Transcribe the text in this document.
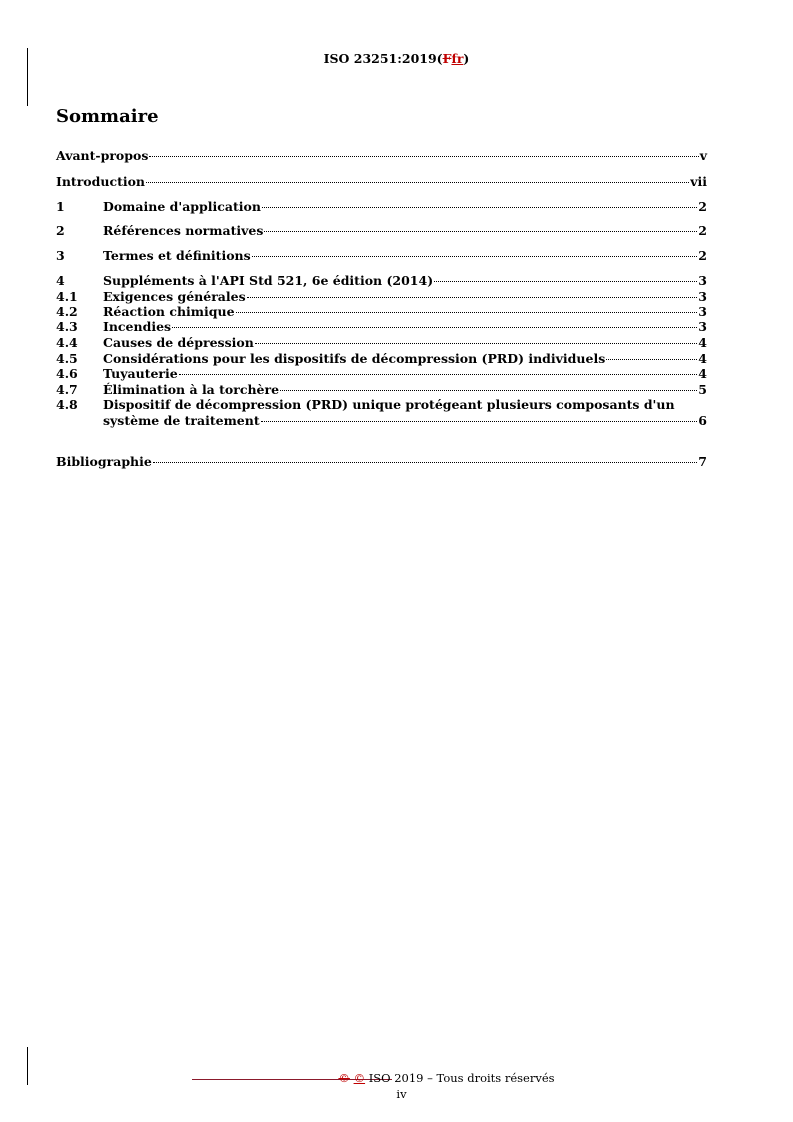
ISO 23251:2019(Ffr)
Sommaire
Avant-propos	v
Introduction	vii
1	Domaine d'application	2
2	Références normatives	2
3	Termes et définitions	2
4	Suppléments à l'API Std 521, 6e édition (2014)	3
4.1	Exigences générales	3
4.2	Réaction chimique	3
4.3	Incendies	3
4.4	Causes de dépression	4
4.5	Considérations pour les dispositifs de décompression (PRD) individuels	4
4.6	Tuyauterie	4
4.7	Élimination à la torchère	5
4.8	Dispositif de décompression (PRD) unique protégeant plusieurs composants d'un
système de traitement	6
Bibliographie	7
© © ISO 2019 – Tous droits réservés
iv
